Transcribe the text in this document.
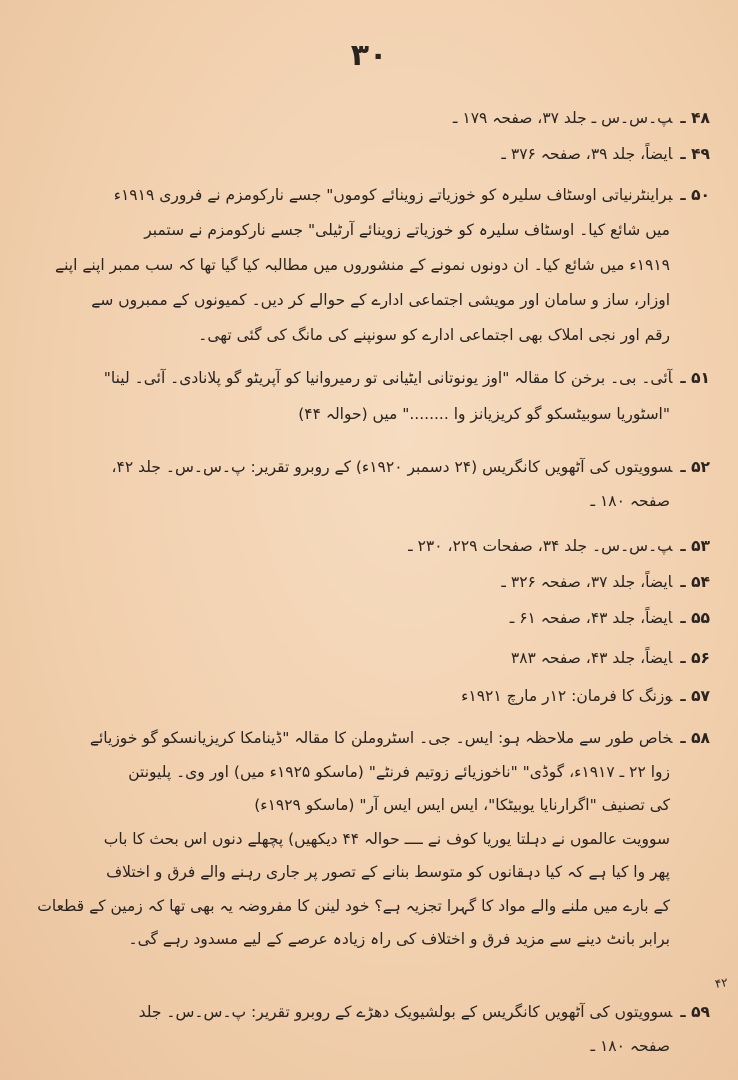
۳۰
۴۸ ـپ۔س۔س ـ جلد ۳۷، صفحہ ۱۷۹ ـ
۴۹ ـایضاً، جلد ۳۹، صفحہ ۳۷۶ ـ
۵۰ ـبراینٹرنیاتی اوسٹاف سلیرہ کو خوزیاتے زوینائے کوموں" جسے نارکومزم نے فروری ۱۹۱۹ء
میں شائع کیا۔ اوسٹاف سلیرہ کو خوزیاتے زوینائے آرٹیلی" جسے نارکومزم نے ستمبر
۱۹۱۹ء میں شائع کیا۔ ان دونوں نمونے کے منشوروں میں مطالبہ کیا گیا تھا کہ سب ممبر اپنے اپنے
اوزار، ساز و سامان اور مویشی اجتماعی ادارے کے حوالے کر دیں۔ کمیونوں کے ممبروں سے
رقم اور نجی املاک بھی اجتماعی ادارے کو سونپنے کی مانگ کی گئی تھی۔
۵۱ ـآئی۔ بی۔ برخن کا مقالہ "اوز یونوتانی ایٹیانی تو رمیروانیا کو آپریٹو گو پلانادی۔ آئی۔ لینا"
"اسٹوریا سوبیٹسکو گو کریزیانز وا ........" میں (حوالہ ۴۴)
۵۲ ـسوویتوں کی آٹھویں کانگریس (۲۴ دسمبر ۱۹۲۰ء) کے روبرو تقریر: پ۔س۔س۔ جلد ۴۲،
صفحہ ۱۸۰ ـ
۵۳ ـپ۔س۔س۔ جلد ۳۴، صفحات ۲۲۹، ۲۳۰ ـ
۵۴ ـایضاً، جلد ۳۷، صفحہ ۳۲۶ ـ
۵۵ ـایضاً، جلد ۴۳، صفحہ ۶۱ ـ
۵۶ ـایضاً، جلد ۴۳، صفحہ ۳۸۳
۵۷ ـوزنگ کا فرمان: ۱۲ر مارچ ۱۹۲۱ء
۵۸ ـخاص طور سے ملاحظہ ہو: ایس۔ جی۔ اسٹروملن کا مقالہ "ڈینامکا کریزیانسکو گو خوزیائے
زوا ۲۲ ـ ۱۹۱۷ء، گوڈی" "ناخوزیائے زوتیم فرنٹے" (ماسکو ۱۹۲۵ء میں) اور وی۔ پلیونتن
کی تصنیف "اگرارنایا یوبیٹکا"، ایس ایس ایس آر" (ماسکو ۱۹۲۹ء)
سوویت عالموں نے دہلتا یوریا کوف نے ــــ حوالہ ۴۴ دیکھیں) پچھلے دنوں اس بحث کا باب
پھر وا کیا ہے کہ کیا دہقانوں کو متوسط بنانے کے تصور پر جاری رہنے والے فرق و اختلاف
کے بارے میں ملنے والے مواد کا گہرا تجزیہ ہے؟ خود لینن کا مفروضہ یہ بھی تھا کہ زمین کے قطعات
برابر بانٹ دینے سے مزید فرق و اختلاف کی راہ زیادہ عرصے کے لیے مسدود رہے گی۔
۵۹ ـسوویتوں کی آٹھویں کانگریس کے بولشیویک دھڑے کے روبرو تقریر: پ۔س۔س۔ جلد
صفحہ ۱۸۰ ـ
۴۲
